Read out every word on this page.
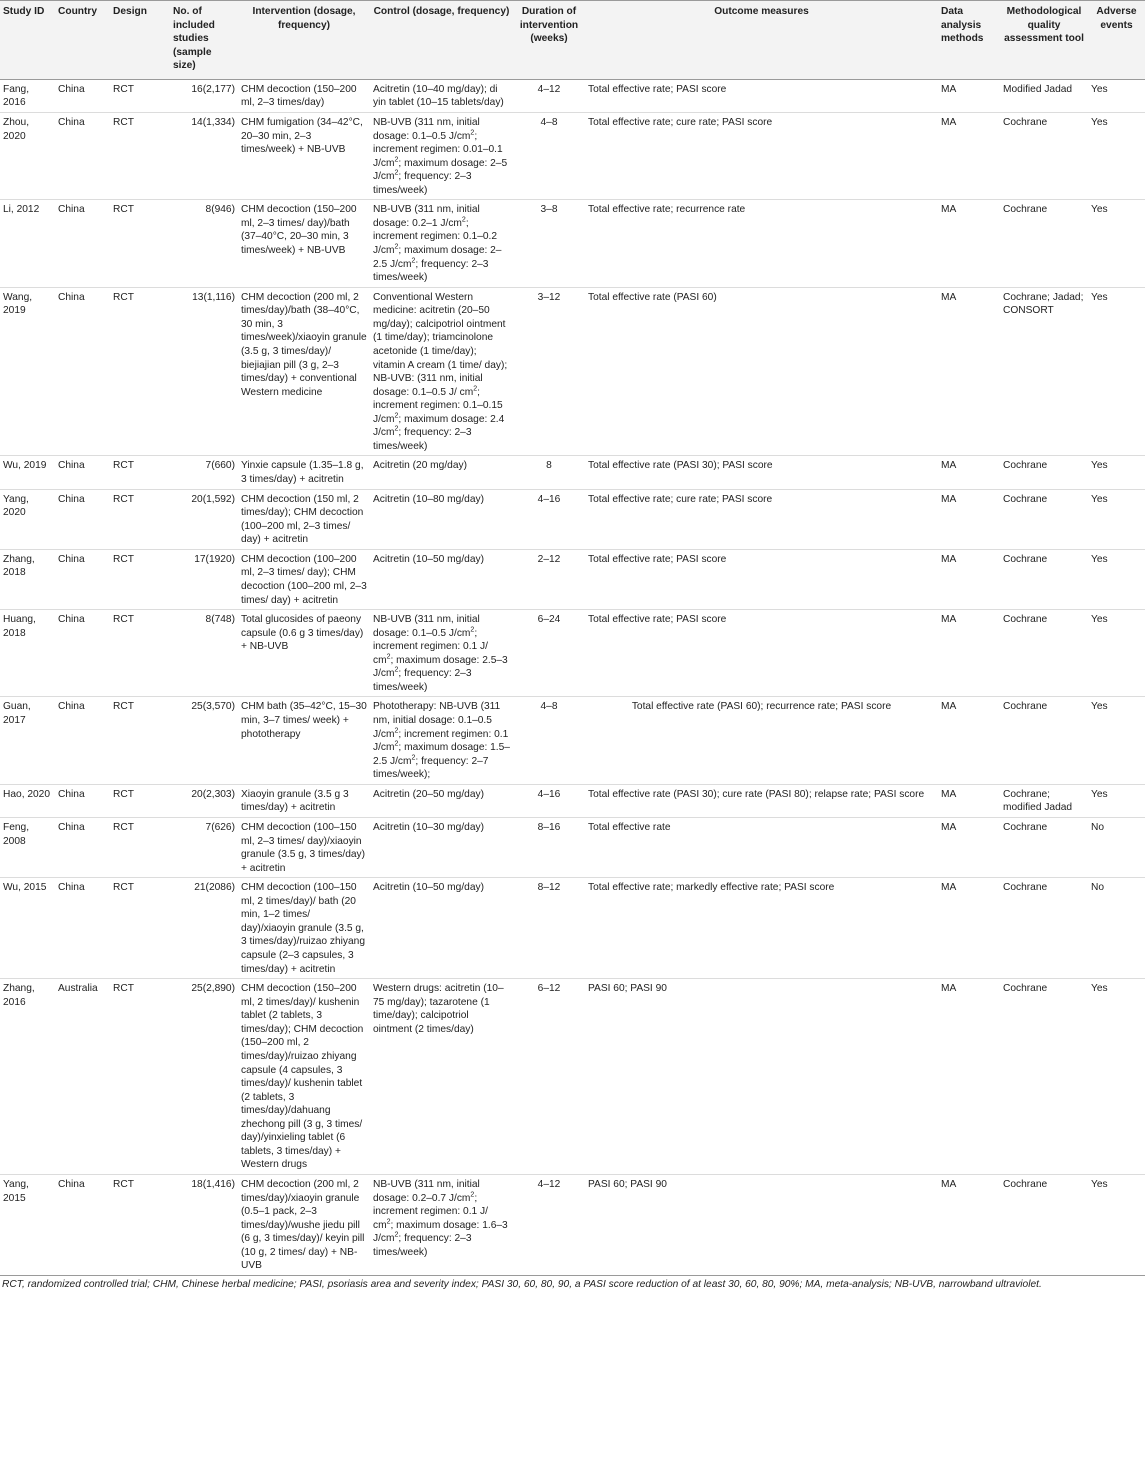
Study ID	Country	Design	No. of included studies (sample size)	Intervention (dosage, frequency)	Control (dosage, frequency)	Duration of intervention (weeks)	Outcome measures	Data analysis methods	Methodological quality assessment tool	Adverse events
Fang, 2016	China	RCT	16(2,177)	CHM decoction (150–200 ml, 2–3 times/day)	Acitretin (10–40 mg/day); di yin tablet (10–15 tablets/day)	4–12	Total effective rate; PASI score	MA	Modified Jadad	Yes
Zhou, 2020	China	RCT	14(1,334)	CHM fumigation (34–42°C, 20–30 min, 2–3 times/week) + NB-UVB	NB-UVB (311 nm, initial dosage: 0.1–0.5 $J/cm^2$; increment regimen: 0.01–0.1 $J/cm^2$; maximum dosage: 2–5 $J/cm^2$; frequency: 2–3 times/week)	4–8	Total effective rate; cure rate; PASI score	MA	Cochrane	Yes
Li, 2012	China	RCT	8(946)	CHM decoction (150–200 ml, 2–3 times/ day)/bath (37–40°C, 20–30 min, 3 times/week) + NB-UVB	NB-UVB (311 nm, initial dosage: 0.2–1 $J/cm^2$; increment regimen: 0.1–0.2 $J/cm^2$; maximum dosage: 2–2.5 $J/cm^2$; frequency: 2–3 times/week)	3–8	Total effective rate; recurrence rate	MA	Cochrane	Yes
Wang, 2019	China	RCT	13(1,116)	CHM decoction (200 ml, 2 times/day)/bath (38–40°C, 30 min, 3 times/week)/xiaoyin granule (3.5 g, 3 times/day)/ biejiajian pill (3 g, 2–3 times/day) + conventional Western medicine	Conventional Western medicine: acitretin (20–50 mg/day); calcipotriol ointment (1 time/day); triamcinolone acetonide (1 time/day); vitamin A cream (1 time/ day); NB-UVB: (311 nm, initial dosage: 0.1–0.5 J/ $cm^2$; increment regimen: 0.1–0.15 $J/cm^2$; maximum dosage: 2.4 $J/cm^2$; frequency: 2–3 times/week)	3–12	Total effective rate (PASI 60)	MA	Cochrane; Jadad; CONSORT	Yes
Wu, 2019	China	RCT	7(660)	Yinxie capsule (1.35–1.8 g, 3 times/day) + acitretin	Acitretin (20 mg/day)	8	Total effective rate (PASI 30); PASI score	MA	Cochrane	Yes
Yang, 2020	China	RCT	20(1,592)	CHM decoction (150 ml, 2 times/day); CHM decoction (100–200 ml, 2–3 times/ day) + acitretin	Acitretin (10–80 mg/day)	4–16	Total effective rate; cure rate; PASI score	MA	Cochrane	Yes
Zhang, 2018	China	RCT	17(1920)	CHM decoction (100–200 ml, 2–3 times/ day); CHM decoction (100–200 ml, 2–3 times/ day) + acitretin	Acitretin (10–50 mg/day)	2–12	Total effective rate; PASI score	MA	Cochrane	Yes
Huang, 2018	China	RCT	8(748)	Total glucosides of paeony capsule (0.6 g 3 times/day) + NB-UVB	NB-UVB (311 nm, initial dosage: 0.1–0.5 $J/cm^2$; increment regimen: 0.1 J/ $cm^2$; maximum dosage: 2.5–3 $J/cm^2$; frequency: 2–3 times/week)	6–24	Total effective rate; PASI score	MA	Cochrane	Yes
Guan, 2017	China	RCT	25(3,570)	CHM bath (35–42°C, 15–30 min, 3–7 times/ week) + phototherapy	Phototherapy: NB-UVB (311 nm, initial dosage: 0.1–0.5 $J/cm^2$; increment regimen: 0.1 $J/cm^2$; maximum dosage: 1.5–2.5 $J/cm^2$; frequency: 2–7 times/week);	4–8	Total effective rate (PASI 60); recurrence rate; PASI score	MA	Cochrane	Yes
Hao, 2020	China	RCT	20(2,303)	Xiaoyin granule (3.5 g 3 times/day) + acitretin	Acitretin (20–50 mg/day)	4–16	Total effective rate (PASI 30); cure rate (PASI 80); relapse rate; PASI score	MA	Cochrane; modified Jadad	Yes
Feng, 2008	China	RCT	7(626)	CHM decoction (100–150 ml, 2–3 times/ day)/xiaoyin granule (3.5 g, 3 times/day) + acitretin	Acitretin (10–30 mg/day)	8–16	Total effective rate	MA	Cochrane	No
Wu, 2015	China	RCT	21(2086)	CHM decoction (100–150 ml, 2 times/day)/ bath (20 min, 1–2 times/ day)/xiaoyin granule (3.5 g, 3 times/day)/ruizao zhiyang capsule (2–3 capsules, 3 times/day) + acitretin	Acitretin (10–50 mg/day)	8–12	Total effective rate; markedly effective rate; PASI score	MA	Cochrane	No
Zhang, 2016	Australia	RCT	25(2,890)	CHM decoction (150–200 ml, 2 times/day)/ kushenin tablet (2 tablets, 3 times/day); CHM decoction (150–200 ml, 2 times/day)/ruizao zhiyang capsule (4 capsules, 3 times/day)/ kushenin tablet (2 tablets, 3 times/day)/dahuang zhechong pill (3 g, 3 times/ day)/yinxieling tablet (6 tablets, 3 times/day) + Western drugs	Western drugs: acitretin (10–75 mg/day); tazarotene (1 time/day); calcipotriol ointment (2 times/day)	6–12	PASI 60; PASI 90	MA	Cochrane	Yes
Yang, 2015	China	RCT	18(1,416)	CHM decoction (200 ml, 2 times/day)/xiaoyin granule (0.5–1 pack, 2–3 times/day)/wushe jiedu pill (6 g, 3 times/day)/ keyin pill (10 g, 2 times/ day) + NB-UVB	NB-UVB (311 nm, initial dosage: 0.2–0.7 $J/cm^2$; increment regimen: 0.1 J/ $cm^2$; maximum dosage: 1.6–3 $J/cm^2$; frequency: 2–3 times/week)	4–12	PASI 60; PASI 90	MA	Cochrane	Yes
RCT, randomized controlled trial; CHM, Chinese herbal medicine; PASI, psoriasis area and severity index; PASI 30, 60, 80, 90, a PASI score reduction of at least 30, 60, 80, 90%; MA, meta-analysis; NB-UVB, narrowband ultraviolet.
